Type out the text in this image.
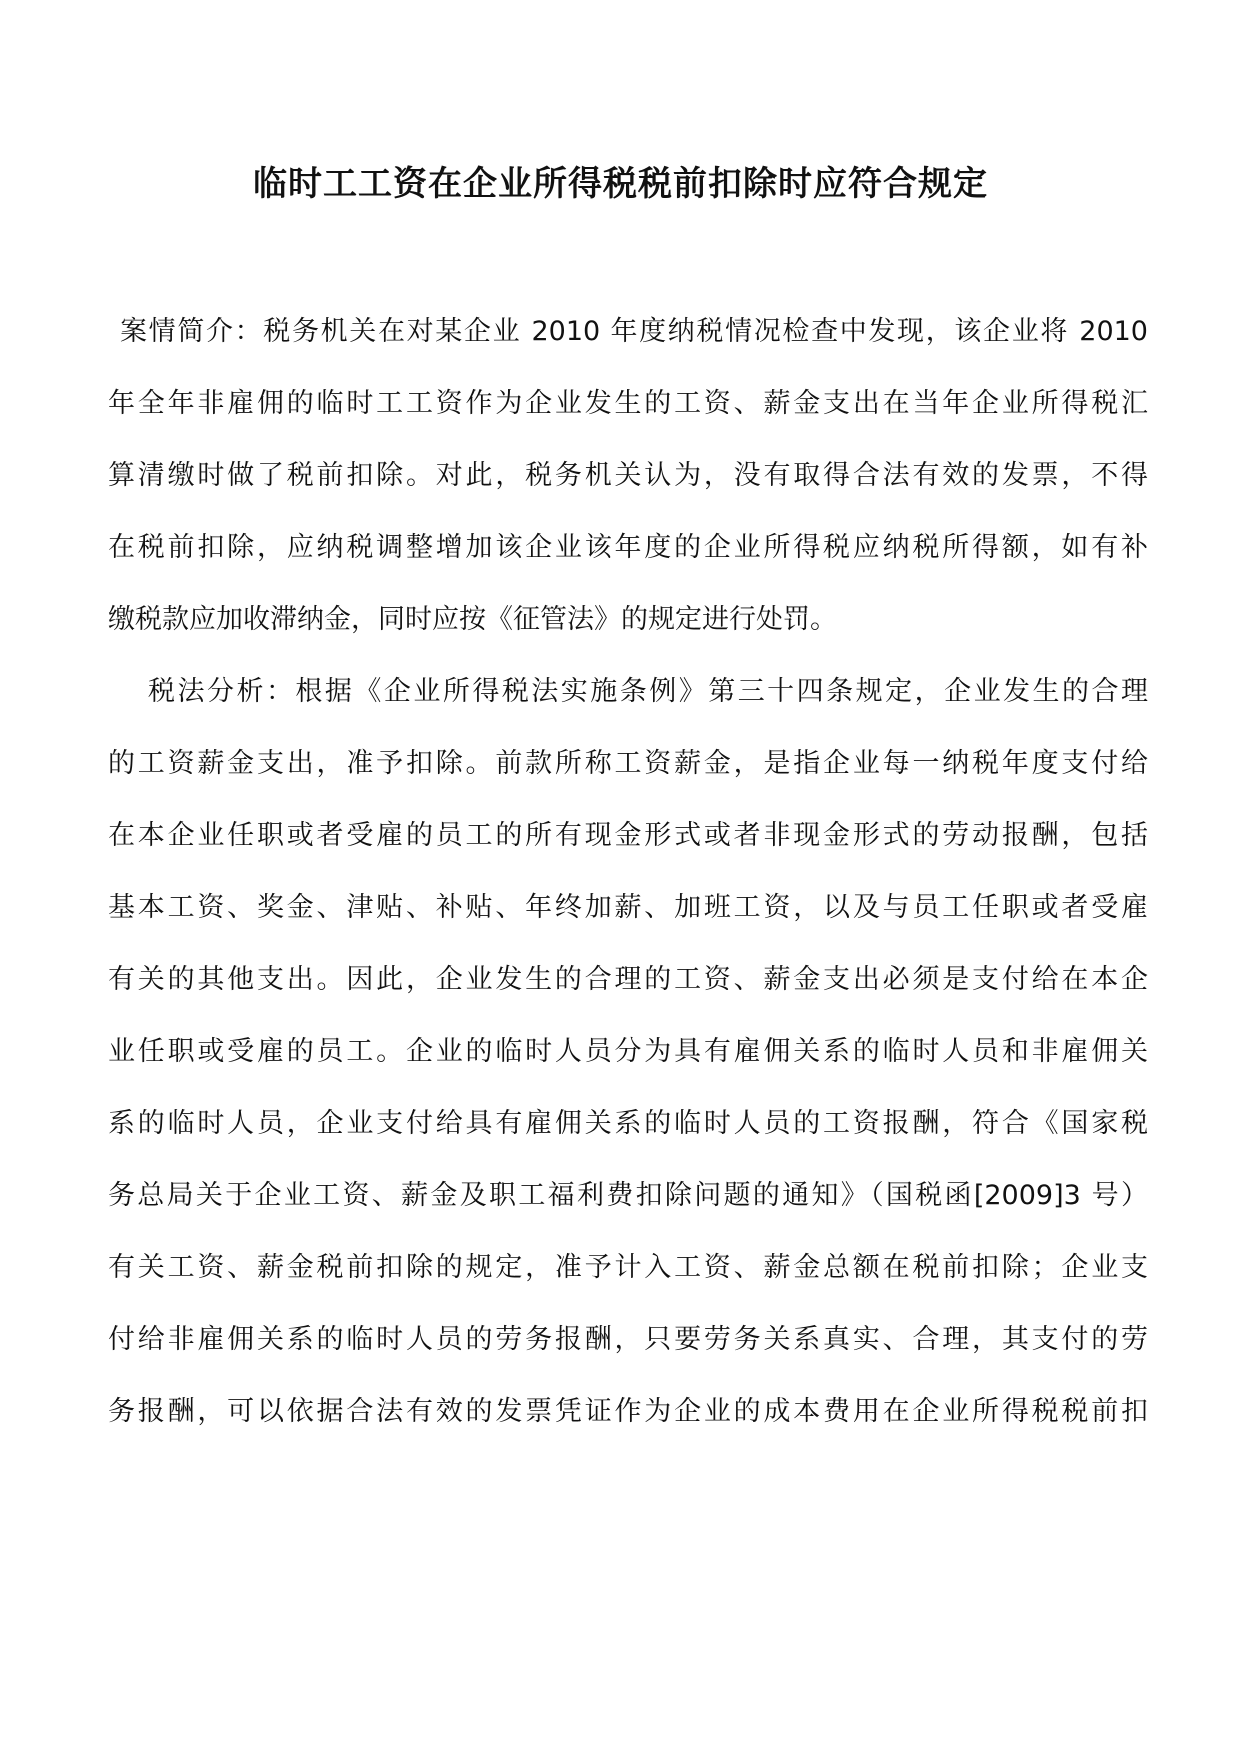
临时工工资在企业所得税税前扣除时应符合规定

案情简介：税务机关在对某企业 2010 年度纳税情况检查中发现，该企业将 2010

年全年非雇佣的临时工工资作为企业发生的工资、薪金支出在当年企业所得税汇

算清缴时做了税前扣除。对此，税务机关认为，没有取得合法有效的发票，不得

在税前扣除，应纳税调整增加该企业该年度的企业所得税应纳税所得额，如有补

缴税款应加收滞纳金，同时应按《征管法》的规定进行处罚。

税法分析：根据《企业所得税法实施条例》第三十四条规定，企业发生的合理

的工资薪金支出，准予扣除。前款所称工资薪金，是指企业每一纳税年度支付给

在本企业任职或者受雇的员工的所有现金形式或者非现金形式的劳动报酬，包括

基本工资、奖金、津贴、补贴、年终加薪、加班工资，以及与员工任职或者受雇

有关的其他支出。因此，企业发生的合理的工资、薪金支出必须是支付给在本企

业任职或受雇的员工。企业的临时人员分为具有雇佣关系的临时人员和非雇佣关

系的临时人员，企业支付给具有雇佣关系的临时人员的工资报酬，符合《国家税

务总局关于企业工资、薪金及职工福利费扣除问题的通知》（国税函[2009]3 号）

有关工资、薪金税前扣除的规定，准予计入工资、薪金总额在税前扣除；企业支

付给非雇佣关系的临时人员的劳务报酬，只要劳务关系真实、合理，其支付的劳

务报酬，可以依据合法有效的发票凭证作为企业的成本费用在企业所得税税前扣
